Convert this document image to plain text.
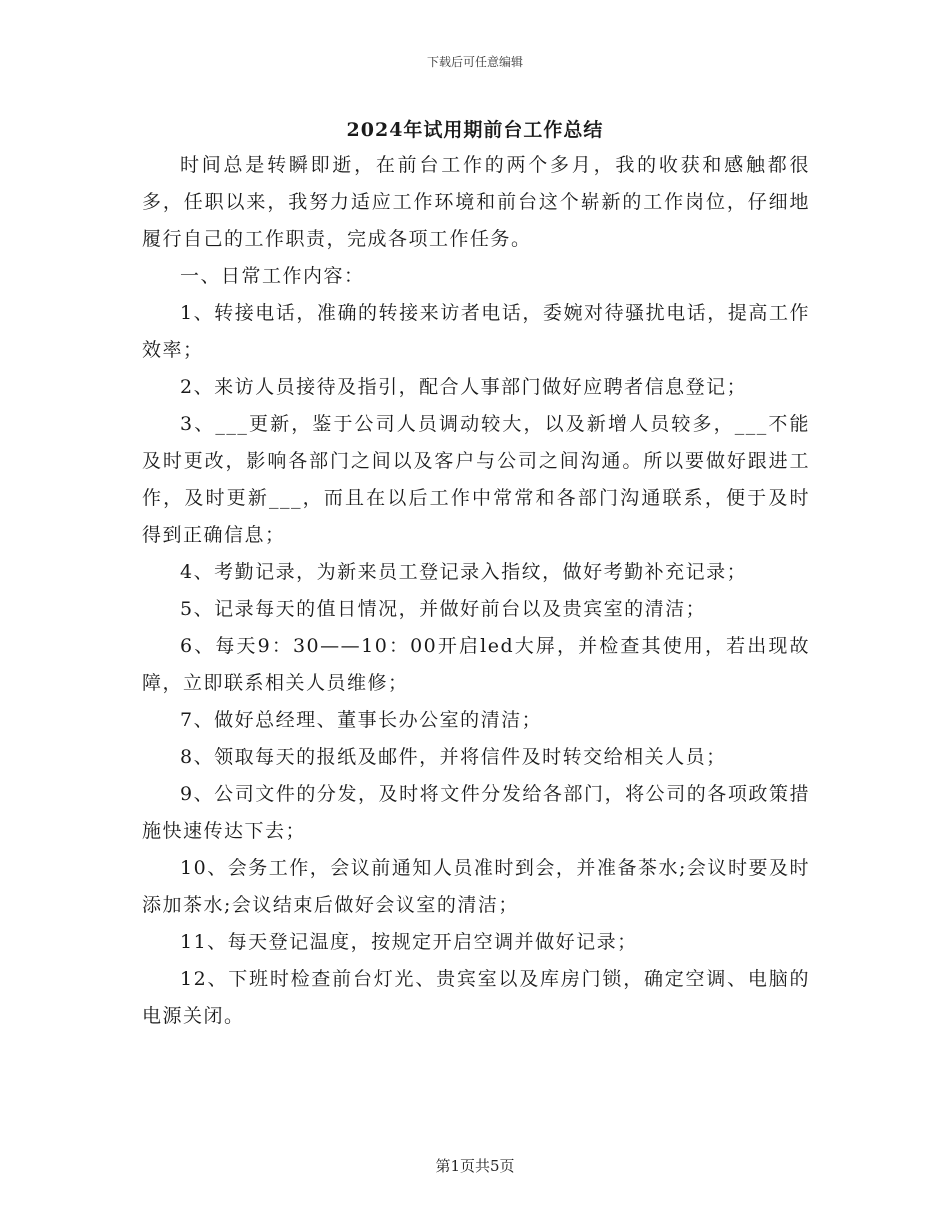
下载后可任意编辑
2024年试用期前台工作总结

时间总是转瞬即逝，在前台工作的两个多月，我的收获和感触都很多，任职以来，我努力适应工作环境和前台这个崭新的工作岗位，仔细地履行自己的工作职责，完成各项工作任务。

一、日常工作内容：

1、转接电话，准确的转接来访者电话，委婉对待骚扰电话，提高工作效率；

2、来访人员接待及指引，配合人事部门做好应聘者信息登记；

3、___更新，鉴于公司人员调动较大，以及新增人员较多，___不能及时更改，影响各部门之间以及客户与公司之间沟通。所以要做好跟进工作，及时更新___，而且在以后工作中常常和各部门沟通联系，便于及时得到正确信息；

4、考勤记录，为新来员工登记录入指纹，做好考勤补充记录；

5、记录每天的值日情况，并做好前台以及贵宾室的清洁；

6、每天9：30——10：00开启led大屏，并检查其使用，若出现故障，立即联系相关人员维修；

7、做好总经理、董事长办公室的清洁；

8、领取每天的报纸及邮件，并将信件及时转交给相关人员；

9、公司文件的分发，及时将文件分发给各部门，将公司的各项政策措施快速传达下去；

10、会务工作，会议前通知人员准时到会，并准备茶水;会议时要及时添加茶水;会议结束后做好会议室的清洁；

11、每天登记温度，按规定开启空调并做好记录；

12、下班时检查前台灯光、贵宾室以及库房门锁，确定空调、电脑的电源关闭。

第1页共5页
